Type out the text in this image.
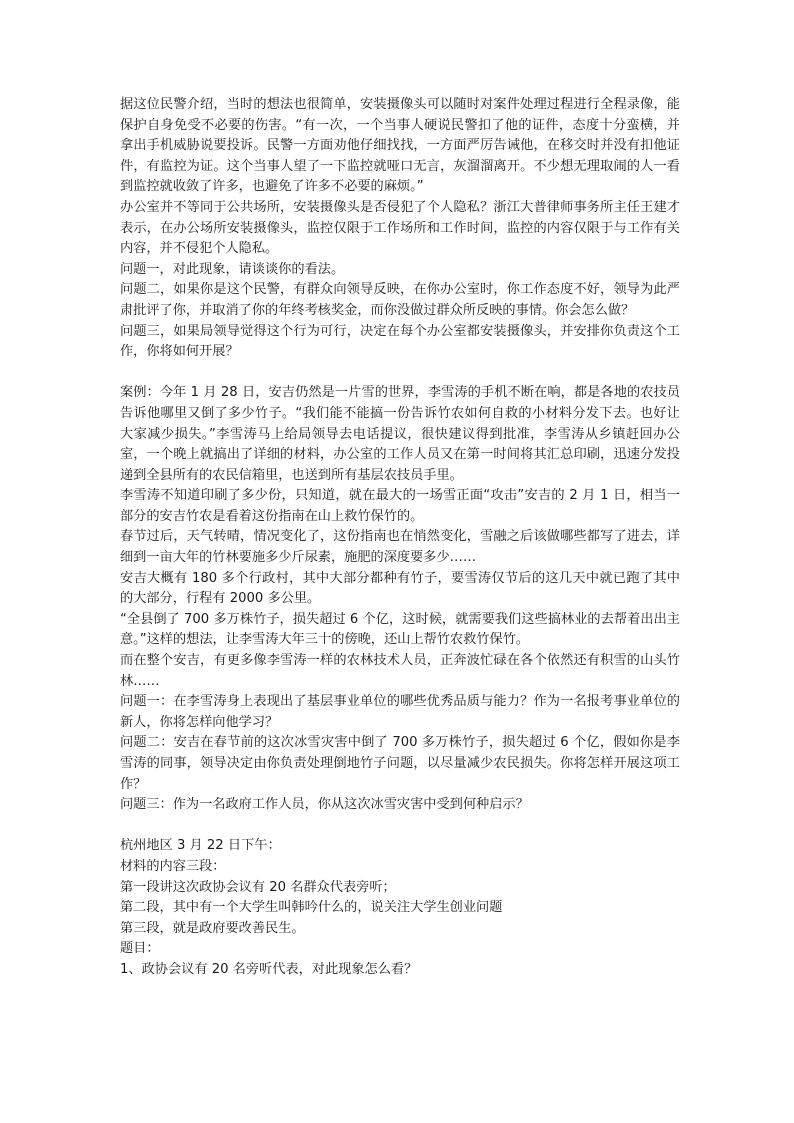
据这位民警介绍，当时的想法也很简单，安装摄像头可以随时对案件处理过程进行全程录像，能保护自身免受不必要的伤害。“有一次，一个当事人硬说民警扣了他的证件，态度十分蛮横，并拿出手机威胁说要投诉。民警一方面劝他仔细找找，一方面严厉告诫他，在移交时并没有扣他证件，有监控为证。这个当事人望了一下监控就哑口无言，灰溜溜离开。不少想无理取闹的人一看到监控就收敛了许多，也避免了许多不必要的麻烦。”

办公室并不等同于公共场所，安装摄像头是否侵犯了个人隐私？浙江大普律师事务所主任王建才表示，在办公场所安装摄像头，监控仅限于工作场所和工作时间，监控的内容仅限于与工作有关内容，并不侵犯个人隐私。

问题一，对此现象，请谈谈你的看法。

问题二，如果你是这个民警，有群众向领导反映，在你办公室时，你工作态度不好，领导为此严肃批评了你，并取消了你的年终考核奖金，而你没做过群众所反映的事情。你会怎么做？

问题三，如果局领导觉得这个行为可行，决定在每个办公室都安装摄像头，并安排你负责这个工作，你将如何开展？

案例：今年 1 月 28 日，安吉仍然是一片雪的世界，李雪涛的手机不断在响，都是各地的农技员告诉他哪里又倒了多少竹子。“我们能不能搞一份告诉竹农如何自救的小材料分发下去。也好让大家减少损失。”李雪涛马上给局领导去电话提议，很快建议得到批准，李雪涛从乡镇赶回办公室，一个晚上就搞出了详细的材料，办公室的工作人员又在第一时间将其汇总印刷，迅速分发投递到全县所有的农民信箱里，也送到所有基层农技员手里。

李雪涛不知道印刷了多少份，只知道，就在最大的一场雪正面“攻击”安吉的 2 月 1 日，相当一部分的安吉竹农是看着这份指南在山上救竹保竹的。

春节过后，天气转晴，情况变化了，这份指南也在悄然变化，雪融之后该做哪些都写了进去，详细到一亩大年的竹林要施多少斤尿素，施肥的深度要多少……

安吉大概有 180 多个行政村，其中大部分都种有竹子，要雪涛仅节后的这几天中就已跑了其中的大部分，行程有 2000 多公里。

“全县倒了 700 多万株竹子，损失超过 6 个亿，这时候，就需要我们这些搞林业的去帮着出出主意。”这样的想法，让李雪涛大年三十的傍晚，还山上帮竹农救竹保竹。

而在整个安吉，有更多像李雪涛一样的农林技术人员，正奔波忙碌在各个依然还有积雪的山头竹林……

问题一：在李雪涛身上表现出了基层事业单位的哪些优秀品质与能力？作为一名报考事业单位的新人，你将怎样向他学习？

问题二：安吉在春节前的这次冰雪灾害中倒了 700 多万株竹子，损失超过 6 个亿，假如你是李雪涛的同事，领导决定由你负责处理倒地竹子问题，以尽量减少农民损失。你将怎样开展这项工作？

问题三：作为一名政府工作人员，你从这次冰雪灾害中受到何种启示？

杭州地区 3 月 22 日下午：

材料的内容三段：

第一段讲这次政协会议有 20 名群众代表旁听；

第二段，其中有一个大学生叫韩吟什么的，说关注大学生创业问题

第三段，就是政府要改善民生。

题目：

1、政协会议有 20 名旁听代表，对此现象怎么看？
